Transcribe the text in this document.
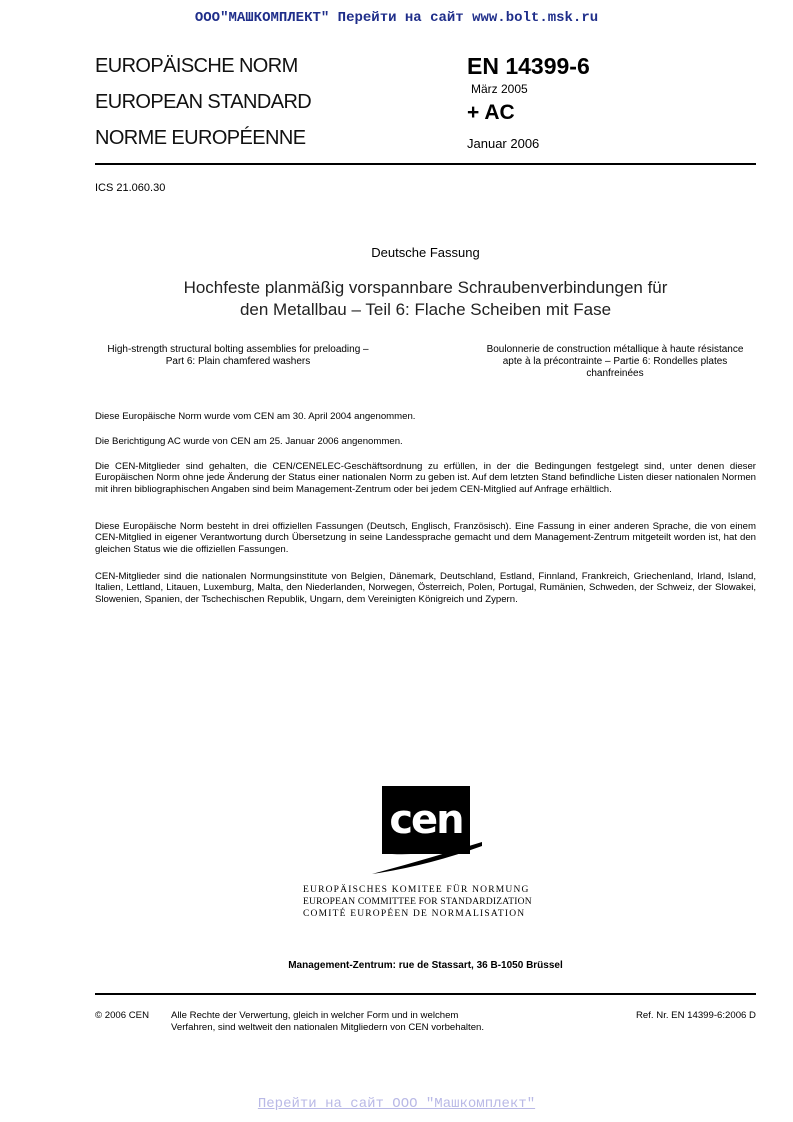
ООО"МАШКОМПЛЕКТ" Перейти на сайт www.bolt.msk.ru
EUROPÄISCHE NORM
EUROPEAN STANDARD
NORME EUROPÉENNE
EN 14399-6
März 2005
+ AC
Januar 2006
ICS 21.060.30
Deutsche Fassung
Hochfeste planmäßig vorspannbare Schraubenverbindungen für
den Metallbau – Teil 6: Flache Scheiben mit Fase
High-strength structural bolting assemblies for preloading –
Part 6: Plain chamfered washers
Boulonnerie de construction métallique à haute résistance
apte à la précontrainte – Partie 6: Rondelles plates
chanfreinées
Diese Europäische Norm wurde vom CEN am 30. April 2004 angenommen.
Die Berichtigung AC wurde von CEN am 25. Januar 2006 angenommen.
Die CEN-Mitglieder sind gehalten, die CEN/CENELEC-Geschäftsordnung zu erfüllen, in der die Bedingungen festgelegt sind, unter denen dieser Europäischen Norm ohne jede Änderung der Status einer nationalen Norm zu geben ist. Auf dem letzten Stand befindliche Listen dieser nationalen Normen mit ihren bibliographischen Angaben sind beim Management-Zentrum oder bei jedem CEN-Mitglied auf Anfrage erhältlich.
Diese Europäische Norm besteht in drei offiziellen Fassungen (Deutsch, Englisch, Französisch). Eine Fassung in einer anderen Sprache, die von einem CEN-Mitglied in eigener Verantwortung durch Übersetzung in seine Landessprache gemacht und dem Management-Zentrum mitgeteilt worden ist, hat den gleichen Status wie die offiziellen Fassungen.
CEN-Mitglieder sind die nationalen Normungsinstitute von Belgien, Dänemark, Deutschland, Estland, Finnland, Frankreich, Griechenland, Irland, Island, Italien, Lettland, Litauen, Luxemburg, Malta, den Niederlanden, Norwegen, Österreich, Polen, Portugal, Rumänien, Schweden, der Schweiz, der Slowakei, Slowenien, Spanien, der Tschechischen Republik, Ungarn, dem Vereinigten Königreich und Zypern.
cen
EUROPÄISCHES KOMITEE FÜR NORMUNG
EUROPEAN COMMITTEE FOR STANDARDIZATION
COMITÉ EUROPÉEN DE NORMALISATION
Management-Zentrum: rue de Stassart, 36 B-1050 Brüssel
© 2006 CEN Alle Rechte der Verwertung, gleich in welcher Form und in welchem
Verfahren, sind weltweit den nationalen Mitgliedern von CEN vorbehalten.
Ref. Nr. EN 14399-6:2006 D
Перейти на сайт ООО "Машкомплект"
